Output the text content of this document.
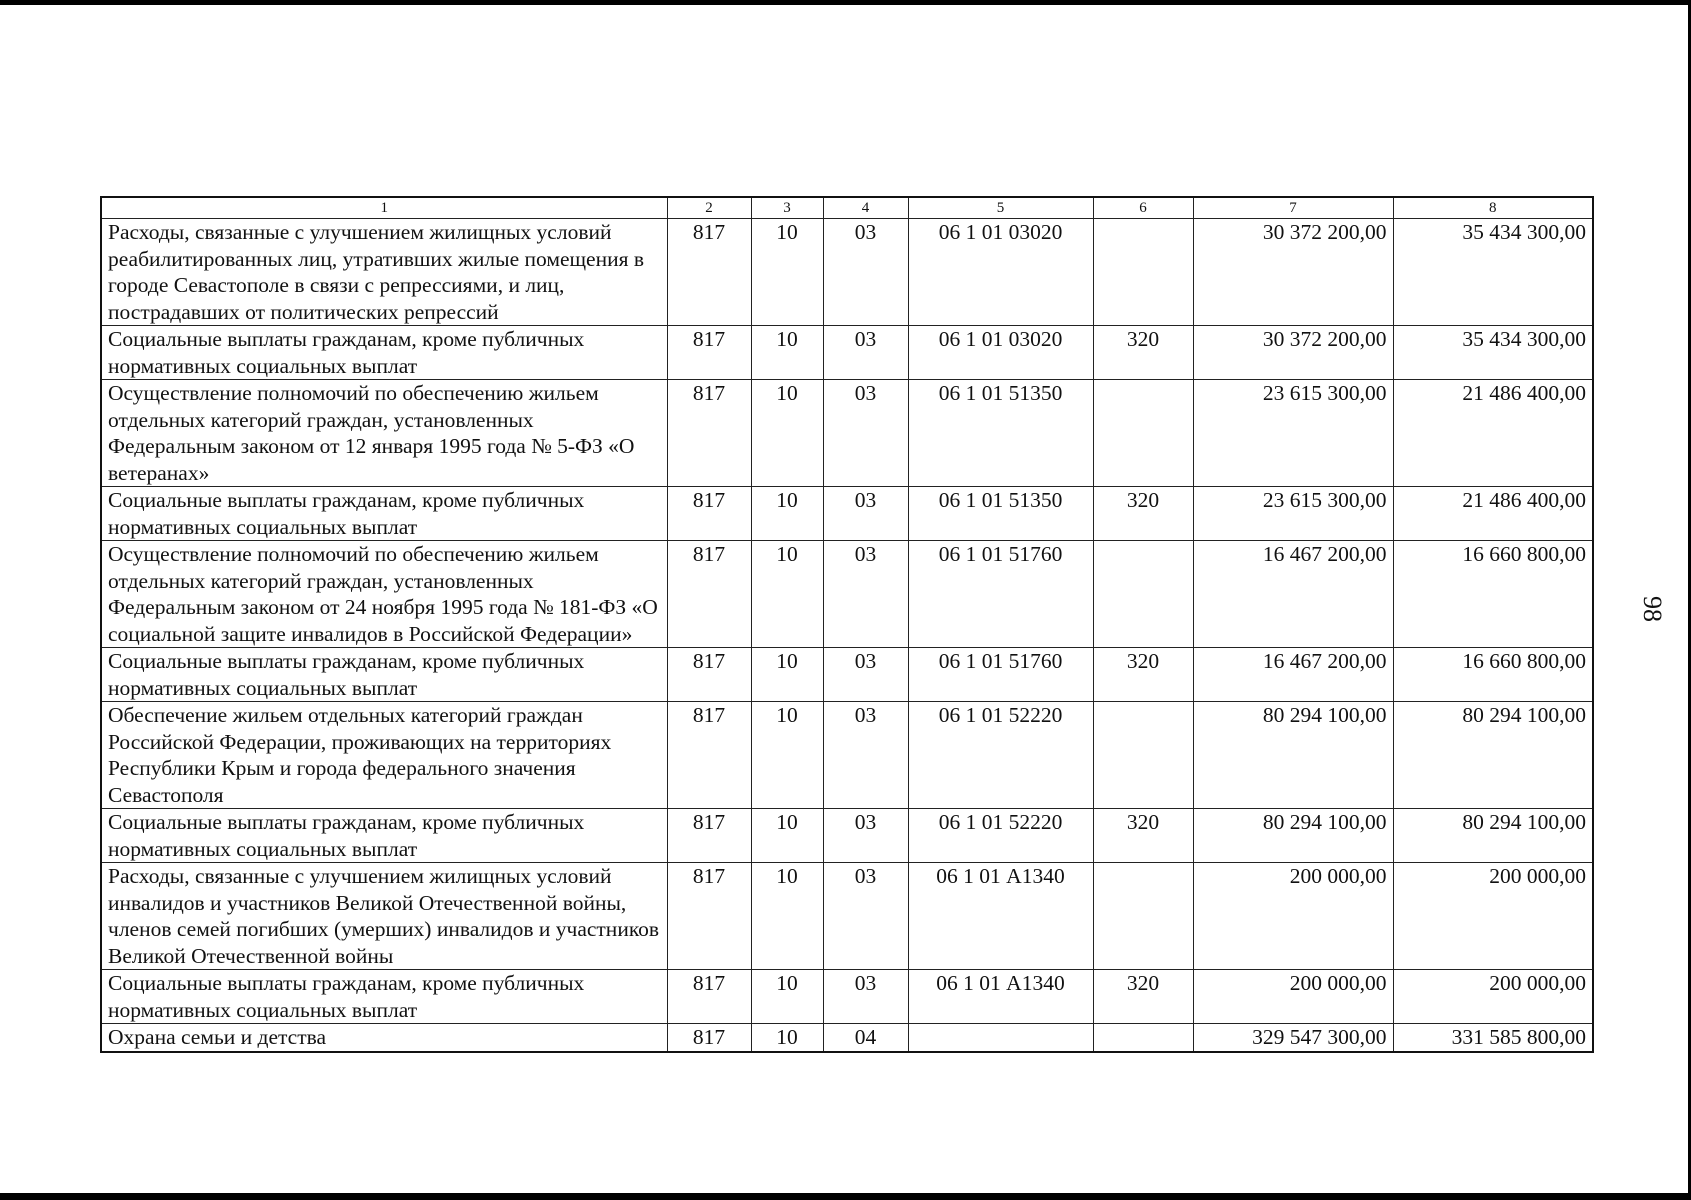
98
1	2	3	4	5	6	7	8
Расходы, связанные с улучшением жилищных условий реабилитированных лиц, утративших жилые помещения в городе Севастополе в связи с репрессиями, и лиц, пострадавших от политических репрессий	817	10	03	06 1 01 03020		30 372 200,00	35 434 300,00
Социальные выплаты гражданам, кроме публичных нормативных социальных выплат	817	10	03	06 1 01 03020	320	30 372 200,00	35 434 300,00
Осуществление полномочий по обеспечению жильем отдельных категорий граждан, установленных Федеральным законом от 12 января 1995 года № 5-ФЗ «О ветеранах»	817	10	03	06 1 01 51350		23 615 300,00	21 486 400,00
Социальные выплаты гражданам, кроме публичных нормативных социальных выплат	817	10	03	06 1 01 51350	320	23 615 300,00	21 486 400,00
Осуществление полномочий по обеспечению жильем отдельных категорий граждан, установленных Федеральным законом от 24 ноября 1995 года № 181-ФЗ «О социальной защите инвалидов в Российской Федерации»	817	10	03	06 1 01 51760		16 467 200,00	16 660 800,00
Социальные выплаты гражданам, кроме публичных нормативных социальных выплат	817	10	03	06 1 01 51760	320	16 467 200,00	16 660 800,00
Обеспечение жильем отдельных категорий граждан Российской Федерации, проживающих на территориях Республики Крым и города федерального значения Севастополя	817	10	03	06 1 01 52220		80 294 100,00	80 294 100,00
Социальные выплаты гражданам, кроме публичных нормативных социальных выплат	817	10	03	06 1 01 52220	320	80 294 100,00	80 294 100,00
Расходы, связанные с улучшением жилищных условий инвалидов и участников Великой Отечественной войны, членов семей погибших (умерших) инвалидов и участников Великой Отечественной войны	817	10	03	06 1 01 А1340		200 000,00	200 000,00
Социальные выплаты гражданам, кроме публичных нормативных социальных выплат	817	10	03	06 1 01 А1340	320	200 000,00	200 000,00
Охрана семьи и детства	817	10	04			329 547 300,00	331 585 800,00
